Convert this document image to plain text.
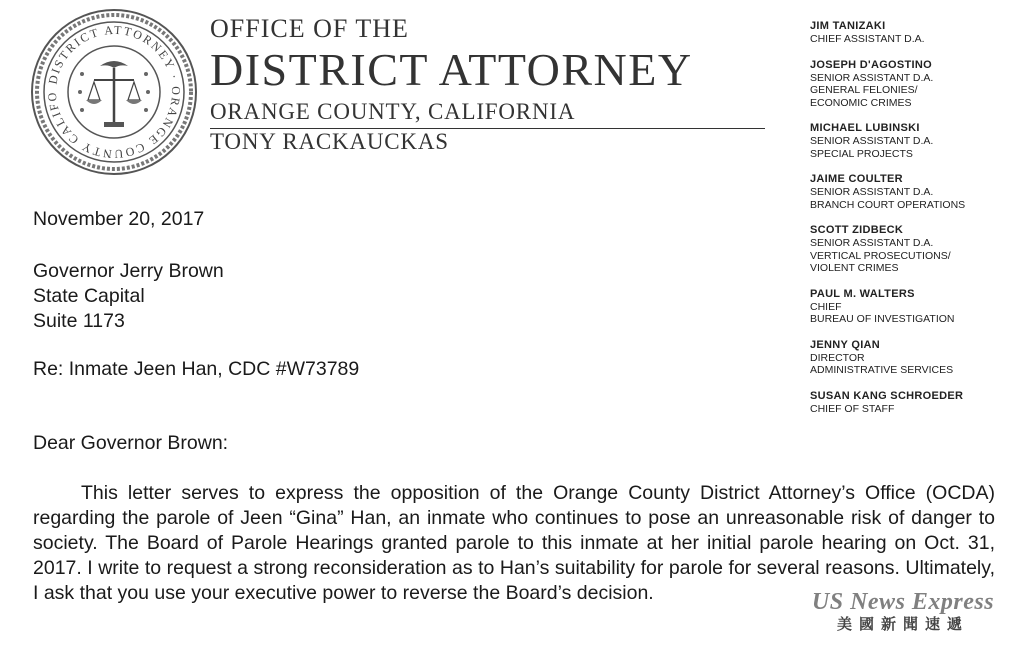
DISTRICT ATTORNEY · ORANGE COUNTY CALIFO
OFFICE OF THE
DISTRICT ATTORNEY
ORANGE COUNTY, CALIFORNIA
TONY RACKAUCKAS
JIM TANIZAKI
CHIEF ASSISTANT D.A.
JOSEPH D'AGOSTINO
SENIOR ASSISTANT D.A.
GENERAL FELONIES/
ECONOMIC CRIMES
MICHAEL LUBINSKI
SENIOR ASSISTANT D.A.
SPECIAL PROJECTS
JAIME COULTER
SENIOR ASSISTANT D.A.
BRANCH COURT OPERATIONS
SCOTT ZIDBECK
SENIOR ASSISTANT D.A.
VERTICAL PROSECUTIONS/
VIOLENT CRIMES
PAUL M. WALTERS
CHIEF
BUREAU OF INVESTIGATION
JENNY QIAN
DIRECTOR
ADMINISTRATIVE SERVICES
SUSAN KANG SCHROEDER
CHIEF OF STAFF
November 20, 2017
Governor Jerry Brown
State Capital
Suite 1173
Re: Inmate Jeen Han, CDC #W73789
Dear Governor Brown:
This letter serves to express the opposition of the Orange County District Attorney’s Office (OCDA) regarding the parole of Jeen “Gina” Han, an inmate who continues to pose an unreasonable risk of danger to society. The Board of Parole Hearings granted parole to this inmate at her initial parole hearing on Oct. 31, 2017. I write to request a strong reconsideration as to Han’s suitability for parole for several reasons. Ultimately, I ask that you use your executive power to reverse the Board’s decision.	US News Express
美國新聞速遞
